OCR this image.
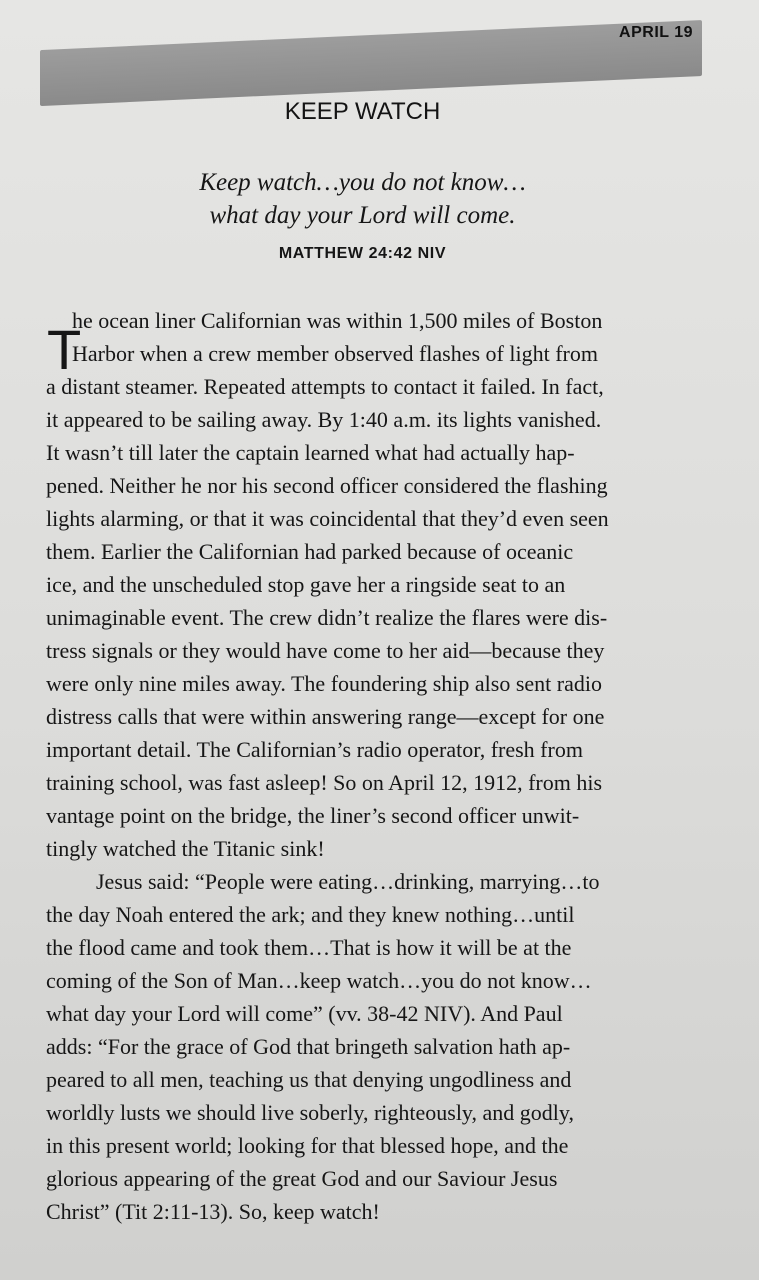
APRIL 19
KEEP WATCH
Keep watch…you do not know…
what day your Lord will come.
MATTHEW 24:42 NIV
T
he ocean liner Californian was within 1,500 miles of Boston
Harbor when a crew member observed flashes of light from
a distant steamer. Repeated attempts to contact it failed. In fact,
it appeared to be sailing away. By 1:40 a.m. its lights vanished.
It wasn’t till later the captain learned what had actually hap-
pened. Neither he nor his second officer considered the flashing
lights alarming, or that it was coincidental that they’d even seen
them. Earlier the Californian had parked because of oceanic
ice, and the unscheduled stop gave her a ringside seat to an
unimaginable event. The crew didn’t realize the flares were dis-
tress signals or they would have come to her aid—because they
were only nine miles away. The foundering ship also sent radio
distress calls that were within answering range—except for one
important detail. The Californian’s radio operator, fresh from
training school, was fast asleep! So on April 12, 1912, from his
vantage point on the bridge, the liner’s second officer unwit-
tingly watched the Titanic sink!
Jesus said: “People were eating…drinking, marrying…to
the day Noah entered the ark; and they knew nothing…until
the flood came and took them…That is how it will be at the
coming of the Son of Man…keep watch…you do not know…
what day your Lord will come” (vv. 38-42 NIV). And Paul
adds: “For the grace of God that bringeth salvation hath ap-
peared to all men, teaching us that denying ungodliness and
worldly lusts we should live soberly, righteously, and godly,
in this present world; looking for that blessed hope, and the
glorious appearing of the great God and our Saviour Jesus
Christ” (Tit 2:11-13). So, keep watch!
